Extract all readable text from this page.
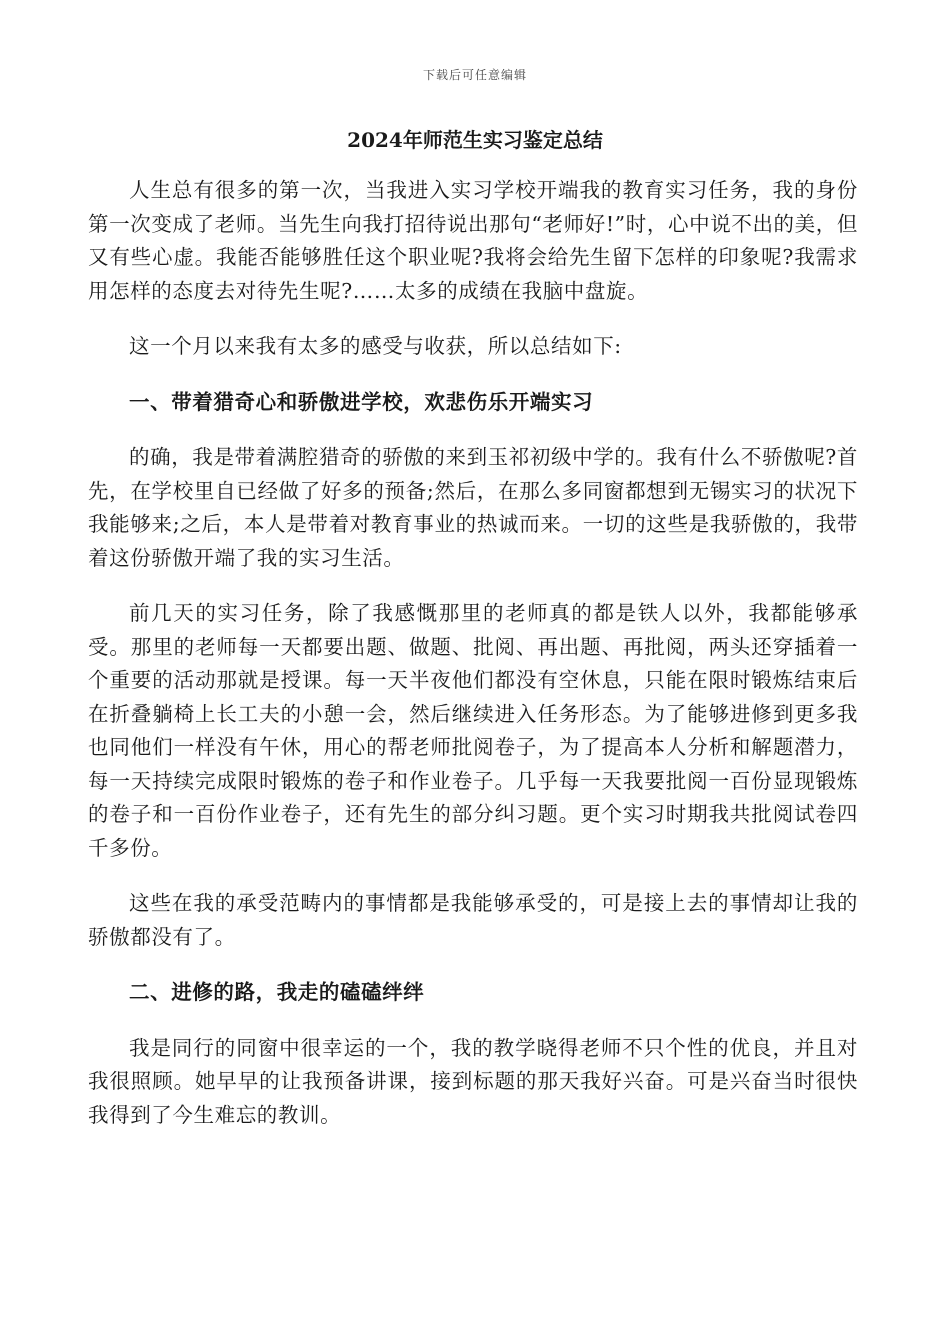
下载后可任意编辑
2024年师范生实习鉴定总结

人生总有很多的第一次，当我进入实习学校开端我的教育实习任务，我的身份第一次变成了老师。当先生向我打招待说出那句“老师好!”时，心中说不出的美，但又有些心虚。我能否能够胜任这个职业呢?我将会给先生留下怎样的印象呢?我需求用怎样的态度去对待先生呢?……太多的成绩在我脑中盘旋。

这一个月以来我有太多的感受与收获，所以总结如下:

一、带着猎奇心和骄傲进学校，欢悲伤乐开端实习

的确，我是带着满腔猎奇的骄傲的来到玉祁初级中学的。我有什么不骄傲呢?首先，在学校里自已经做了好多的预备;然后，在那么多同窗都想到无锡实习的状况下我能够来;之后，本人是带着对教育事业的热诚而来。一切的这些是我骄傲的，我带着这份骄傲开端了我的实习生活。

前几天的实习任务，除了我感慨那里的老师真的都是铁人以外，我都能够承受。那里的老师每一天都要出题、做题、批阅、再出题、再批阅，两头还穿插着一个重要的活动那就是授课。每一天半夜他们都没有空休息，只能在限时锻炼结束后在折叠躺椅上长工夫的小憩一会，然后继续进入任务形态。为了能够进修到更多我也同他们一样没有午休，用心的帮老师批阅卷子，为了提高本人分析和解题潜力，每一天持续完成限时锻炼的卷子和作业卷子。几乎每一天我要批阅一百份显现锻炼的卷子和一百份作业卷子，还有先生的部分纠习题。更个实习时期我共批阅试卷四千多份。

这些在我的承受范畴内的事情都是我能够承受的，可是接上去的事情却让我的骄傲都没有了。

二、进修的路，我走的磕磕绊绊

我是同行的同窗中很幸运的一个，我的教学晓得老师不只个性的优良，并且对我很照顾。她早早的让我预备讲课，接到标题的那天我好兴奋。可是兴奋当时很快我得到了今生难忘的教训。
